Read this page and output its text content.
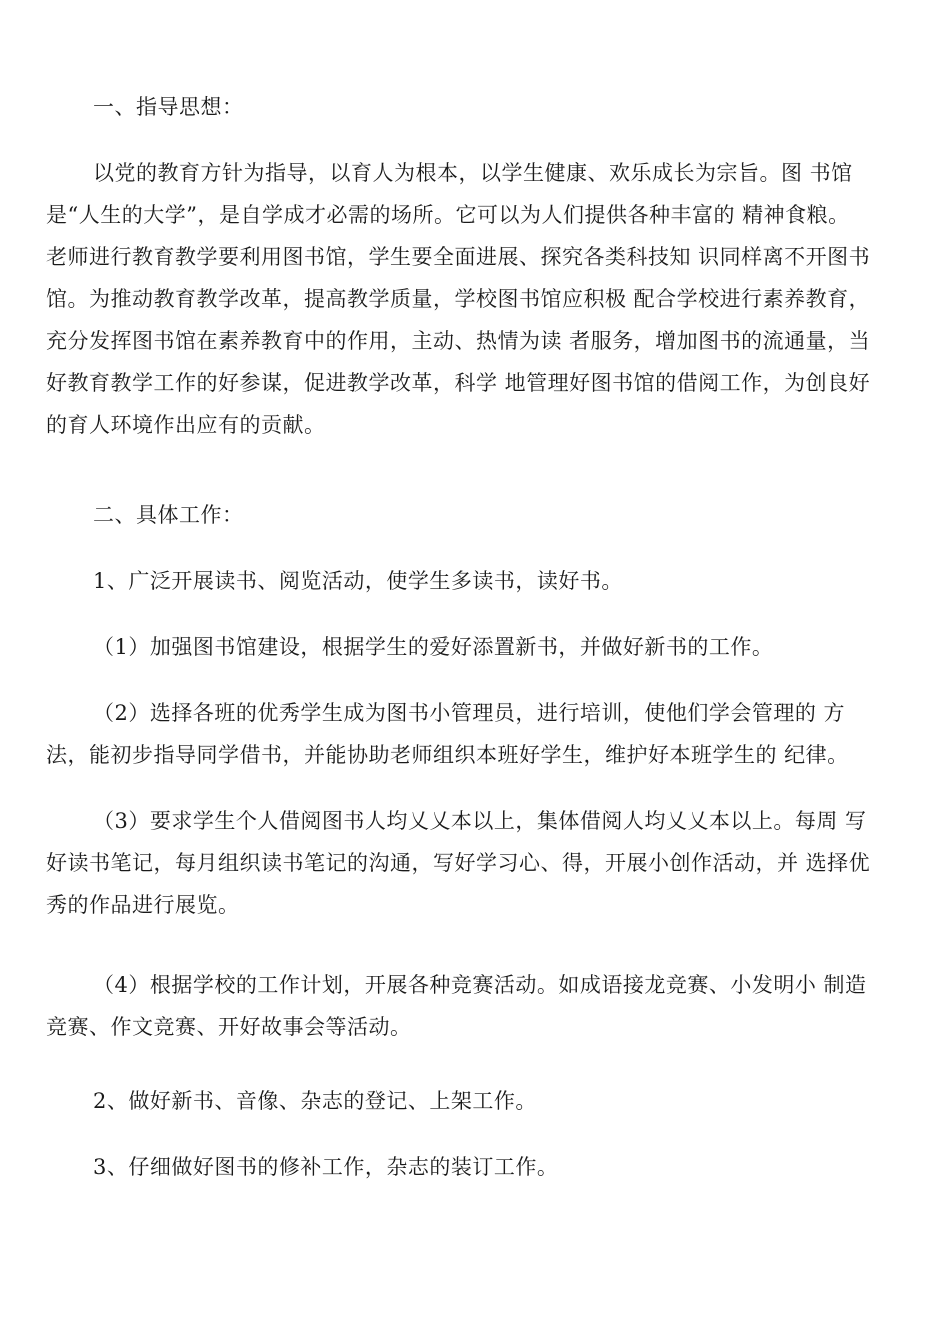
一、指导思想：
以党的教育方针为指导，以育人为根本，以学生健康、欢乐成长为宗旨。图 书馆
是“人生的大学”，是自学成才必需的场所。它可以为人们提供各种丰富的 精神食粮。
老师进行教育教学要利用图书馆，学生要全面进展、探究各类科技知 识同样离不开图书
馆。为推动教育教学改革，提高教学质量，学校图书馆应积极 配合学校进行素养教育，
充分发挥图书馆在素养教育中的作用，主动、热情为读 者服务，增加图书的流通量，当
好教育教学工作的好参谋，促进教学改革，科学 地管理好图书馆的借阅工作，为创良好
的育人环境作出应有的贡献。
二、具体工作：
1、广泛开展读书、阅览活动，使学生多读书，读好书。
（1）加强图书馆建设，根据学生的爱好添置新书，并做好新书的工作。
（2）选择各班的优秀学生成为图书小管理员，进行培训，使他们学会管理的 方
法，能初步指导同学借书，并能协助老师组织本班好学生，维护好本班学生的 纪律。
（3）要求学生个人借阅图书人均乂乂本以上，集体借阅人均乂乂本以上。每周 写
好读书笔记，每月组织读书笔记的沟通，写好学习心、得，开展小创作活动，并 选择优
秀的作品进行展览。
（4）根据学校的工作计划，开展各种竞赛活动。如成语接龙竞赛、小发明小 制造
竞赛、作文竞赛、开好故事会等活动。
2、做好新书、音像、杂志的登记、上架工作。
3、仔细做好图书的修补工作，杂志的装订工作。
